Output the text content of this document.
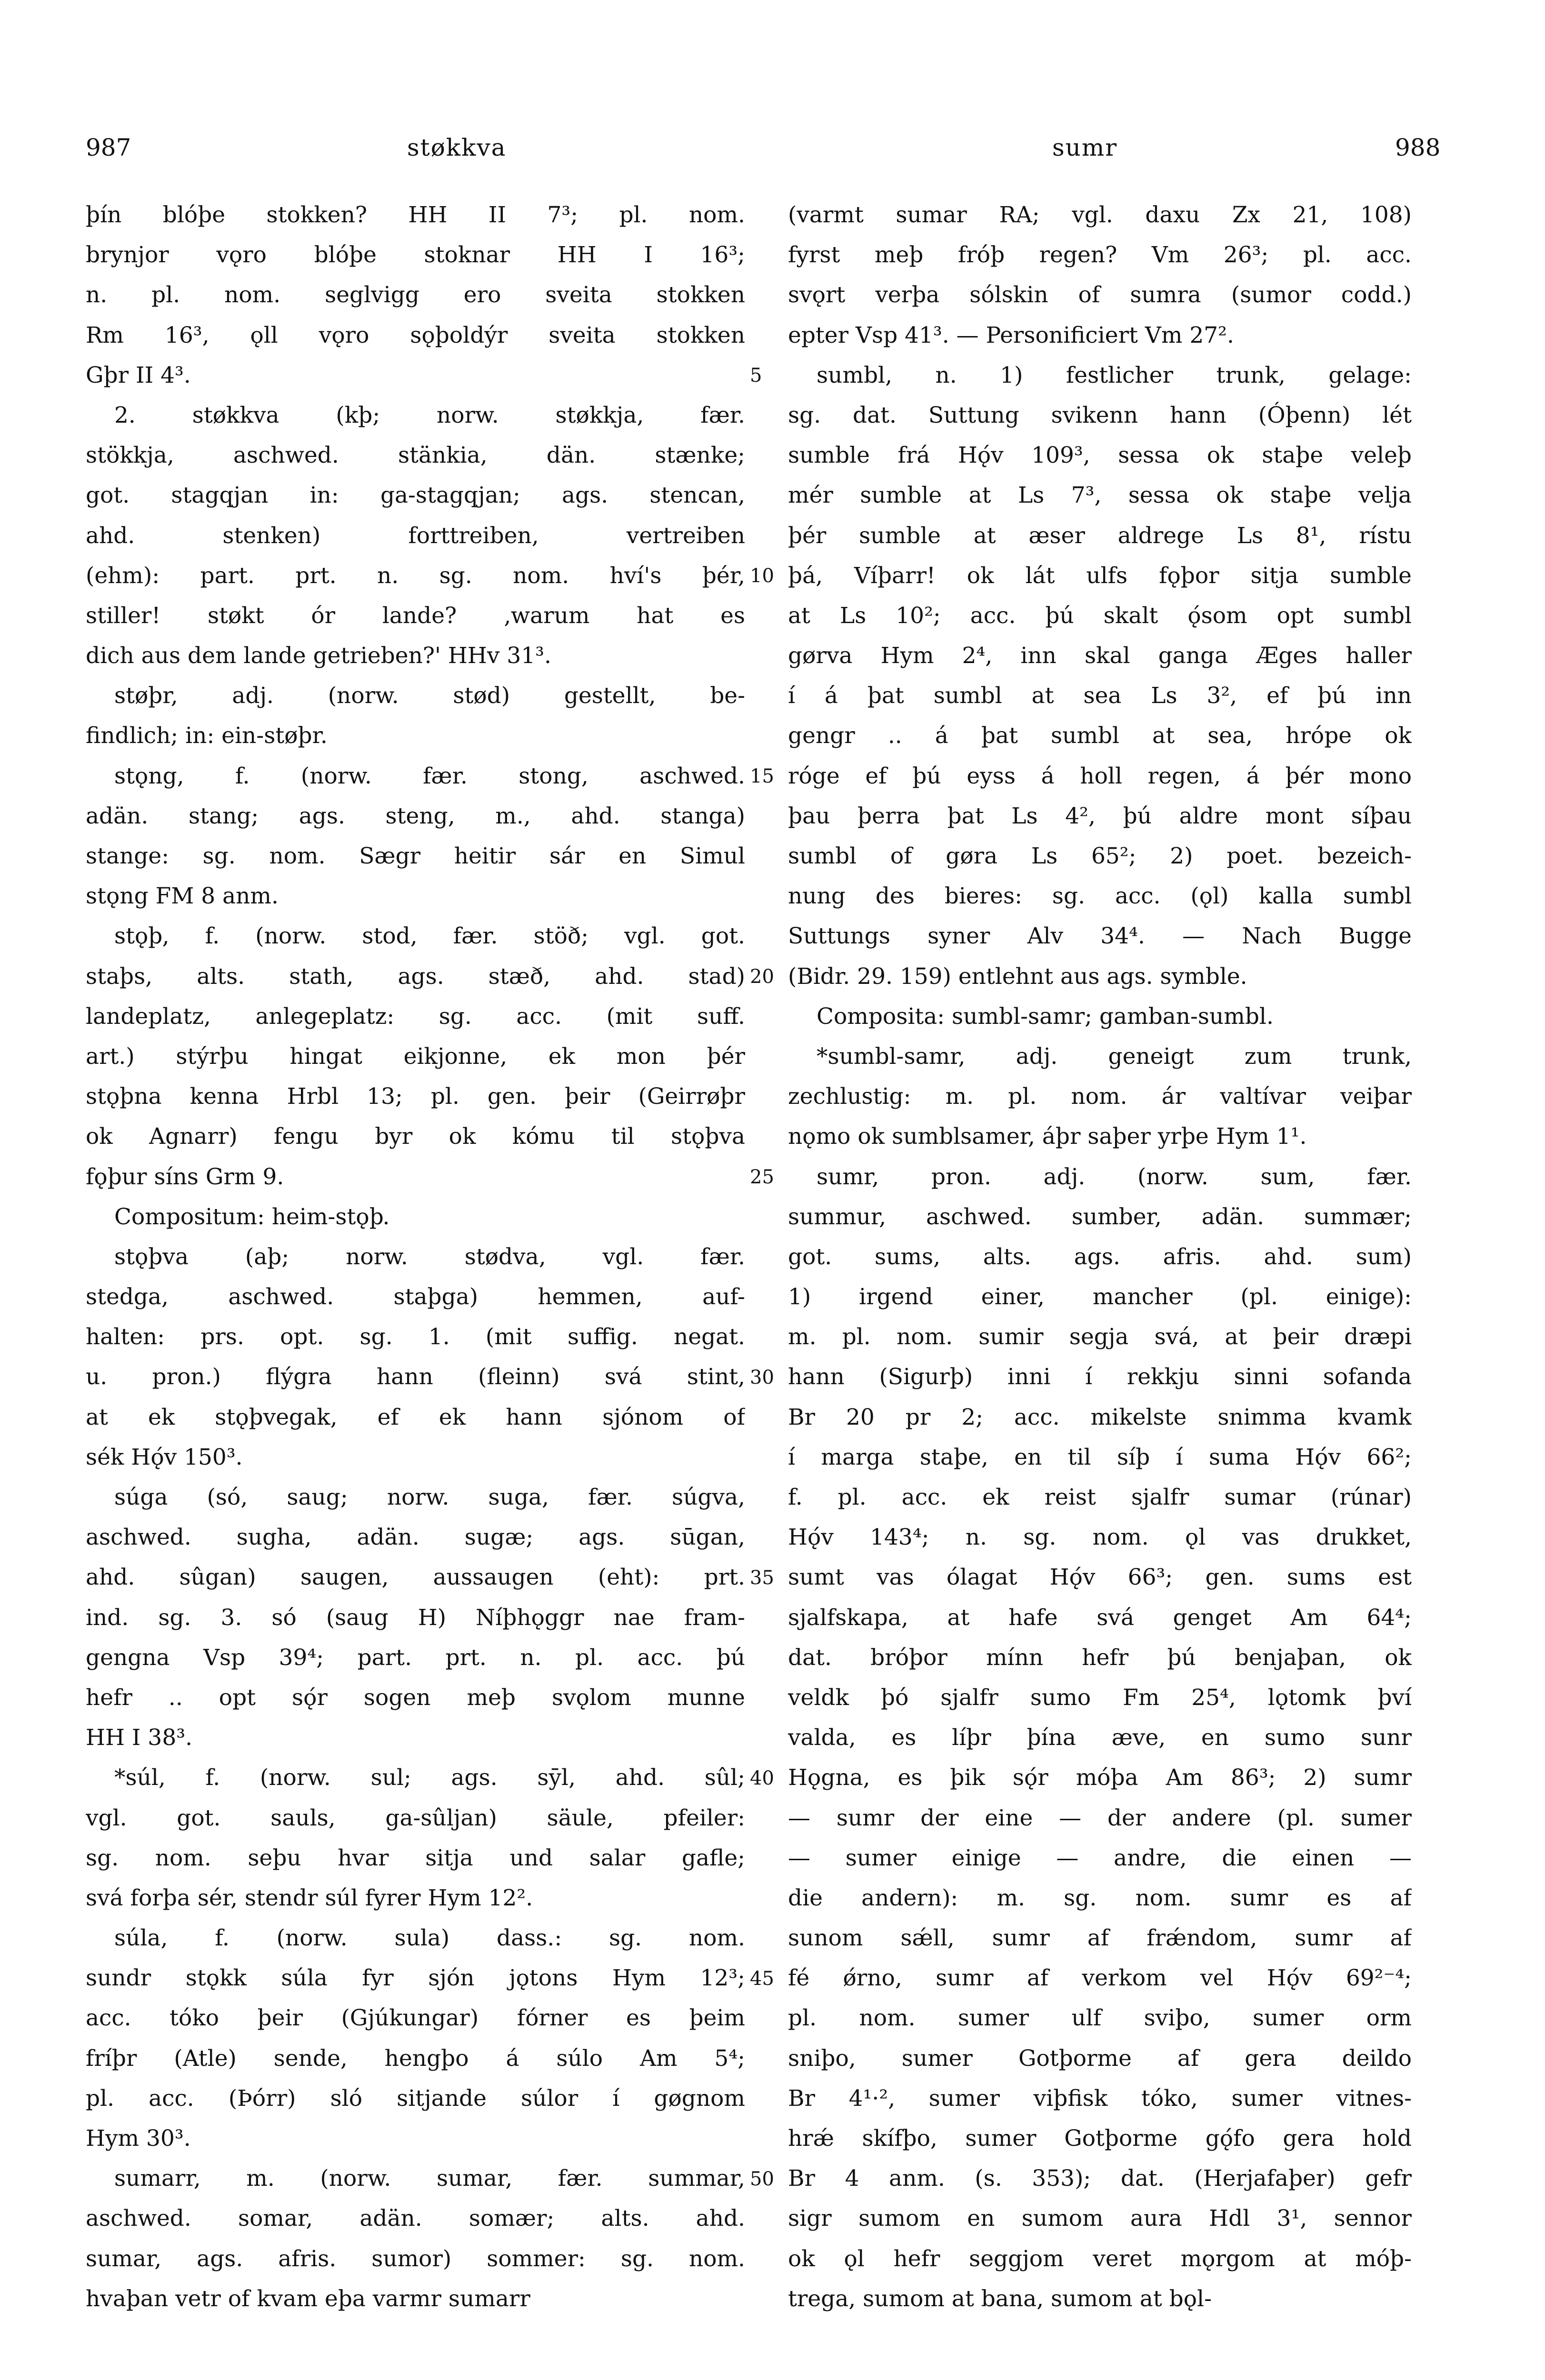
987	støkkva	sumr	988
þín blóþe stokken? HH II 7³; pl. nom.
brynjor vǫro blóþe stoknar HH I 16³;
n. pl. nom. seglvigg ero sveita stokken
Rm 16³, ǫll vǫro sǫþoldýr sveita stokken
Gþr II 4³.
2. støkkva (kþ; norw. støkkja, fær.
stökkja, aschwed. stänkia, dän. stænke;
got. stagqjan in: ga-stagqjan; ags. stencan,
ahd. stenken) forttreiben, vertreiben
(ehm): part. prt. n. sg. nom. hví's þér,
stiller! støkt ór lande? ‚warum hat es
dich aus dem lande getrieben?' HHv 31³.
støþr, adj. (norw. stød) gestellt, be-
findlich; in: ein-støþr.
stǫng, f. (norw. fær. stong, aschwed.
adän. stang; ags. steng, m., ahd. stanga)
stange: sg. nom. Sægr heitir sár en Simul
stǫng FM 8 anm.
stǫþ, f. (norw. stod, fær. stöð; vgl. got.
staþs, alts. stath, ags. stæð, ahd. stad)
landeplatz, anlegeplatz: sg. acc. (mit suff.
art.) stýrþu hingat eikjonne, ek mon þér
stǫþna kenna Hrbl 13; pl. gen. þeir (Geirrøþr
ok Agnarr) fengu byr ok kómu til stǫþva
fǫþur síns Grm 9.
Compositum: heim-stǫþ.
stǫþva (aþ; norw. stødva, vgl. fær.
stedga, aschwed. staþga) hemmen, auf-
halten: prs. opt. sg. 1. (mit suffig. negat.
u. pron.) flýgra hann (fleinn) svá stint,
at ek stǫþvegak, ef ek hann sjónom of
sék Hǫ́v 150³.
súga (só, saug; norw. suga, fær. súgva,
aschwed. sugha, adän. sugæ; ags. sūgan,
ahd. sûgan) saugen, aussaugen (eht): prt.
ind. sg. 3. só (saug H) Níþhǫggr nae fram-
gengna Vsp 39⁴; part. prt. n. pl. acc. þú
hefr .. opt sǫ́r sogen meþ svǫlom munne
HH I 38³.
*súl, f. (norw. sul; ags. sȳl, ahd. sûl;
vgl. got. sauls, ga-sûljan) säule, pfeiler:
sg. nom. seþu hvar sitja und salar gafle;
svá forþa sér, stendr súl fyrer Hym 12².
súla, f. (norw. sula) dass.: sg. nom.
sundr stǫkk súla fyr sjón jǫtons Hym 12³;
acc. tóko þeir (Gjúkungar) fórner es þeim
fríþr (Atle) sende, hengþo á súlo Am 5⁴;
pl. acc. (Þórr) sló sitjande súlor í gøgnom
Hym 30³.
sumarr, m. (norw. sumar, fær. summar,
aschwed. somar, adän. somær; alts. ahd.
sumar, ags. afris. sumor) sommer: sg. nom.
hvaþan vetr of kvam eþa varmr sumarr
5
10
15
20
25
30
35
40
45
50
(varmt sumar RA; vgl. daxu Zx 21, 108)
fyrst meþ fróþ regen? Vm 26³; pl. acc.
svǫrt verþa sólskin of sumra (sumor codd.)
epter Vsp 41³. — Personificiert Vm 27².
sumbl, n. 1) festlicher trunk, gelage:
sg. dat. Suttung svikenn hann (Óþenn) lét
sumble frá Hǫ́v 109³, sessa ok staþe veleþ
mér sumble at Ls 7³, sessa ok staþe velja
þér sumble at æser aldrege Ls 8¹, rístu
þá, Víþarr! ok lát ulfs fǫþor sitja sumble
at Ls 10²; acc. þú skalt ǫ́som opt sumbl
gørva Hym 2⁴, inn skal ganga Æges haller
í á þat sumbl at sea Ls 3², ef þú inn
gengr .. á þat sumbl at sea, hrópe ok
róge ef þú eyss á holl regen, á þér mono
þau þerra þat Ls 4², þú aldre mont síþau
sumbl of gøra Ls 65²; 2) poet. bezeich-
nung des bieres: sg. acc. (ǫl) kalla sumbl
Suttungs syner Alv 34⁴. — Nach Bugge
(Bidr. 29. 159) entlehnt aus ags. symble.
Composita: sumbl-samr; gamban-sumbl.
*sumbl-samr, adj. geneigt zum trunk,
zechlustig: m. pl. nom. ár valtívar veiþar
nǫmo ok sumblsamer, áþr saþer yrþe Hym 1¹.
sumr, pron. adj. (norw. sum, fær.
summur, aschwed. sumber, adän. summær;
got. sums, alts. ags. afris. ahd. sum)
1) irgend einer, mancher (pl. einige):
m. pl. nom. sumir segja svá, at þeir dræpi
hann (Sigurþ) inni í rekkju sinni sofanda
Br 20 pr 2; acc. mikelste snimma kvamk
í marga staþe, en til síþ í suma Hǫ́v 66²;
f. pl. acc. ek reist sjalfr sumar (rúnar)
Hǫ́v 143⁴; n. sg. nom. ǫl vas drukket,
sumt vas ólagat Hǫ́v 66³; gen. sums est
sjalfskapa, at hafe svá genget Am 64⁴;
dat. bróþor mínn hefr þú benjaþan, ok
veldk þó sjalfr sumo Fm 25⁴, lǫtomk því
valda, es líþr þína æve, en sumo sunr
Hǫgna, es þik sǫ́r móþa Am 86³; 2) sumr
— sumr der eine — der andere (pl. sumer
— sumer einige — andre, die einen —
die andern): m. sg. nom. sumr es af
sunom sǽll, sumr af frǽndom, sumr af
fé ǿrno, sumr af verkom vel Hǫ́v 69²⁻⁴;
pl. nom. sumer ulf sviþo, sumer orm
sniþo, sumer Gotþorme af gera deildo
Br 4¹·², sumer viþfisk tóko, sumer vitnes-
hrǽ skífþo, sumer Gotþorme gǫ́fo gera hold
Br 4 anm. (s. 353); dat. (Herjafaþer) gefr
sigr sumom en sumom aura Hdl 3¹, sennor
ok ǫl hefr seggjom veret mǫrgom at móþ-
trega, sumom at bana, sumom at bǫl-
